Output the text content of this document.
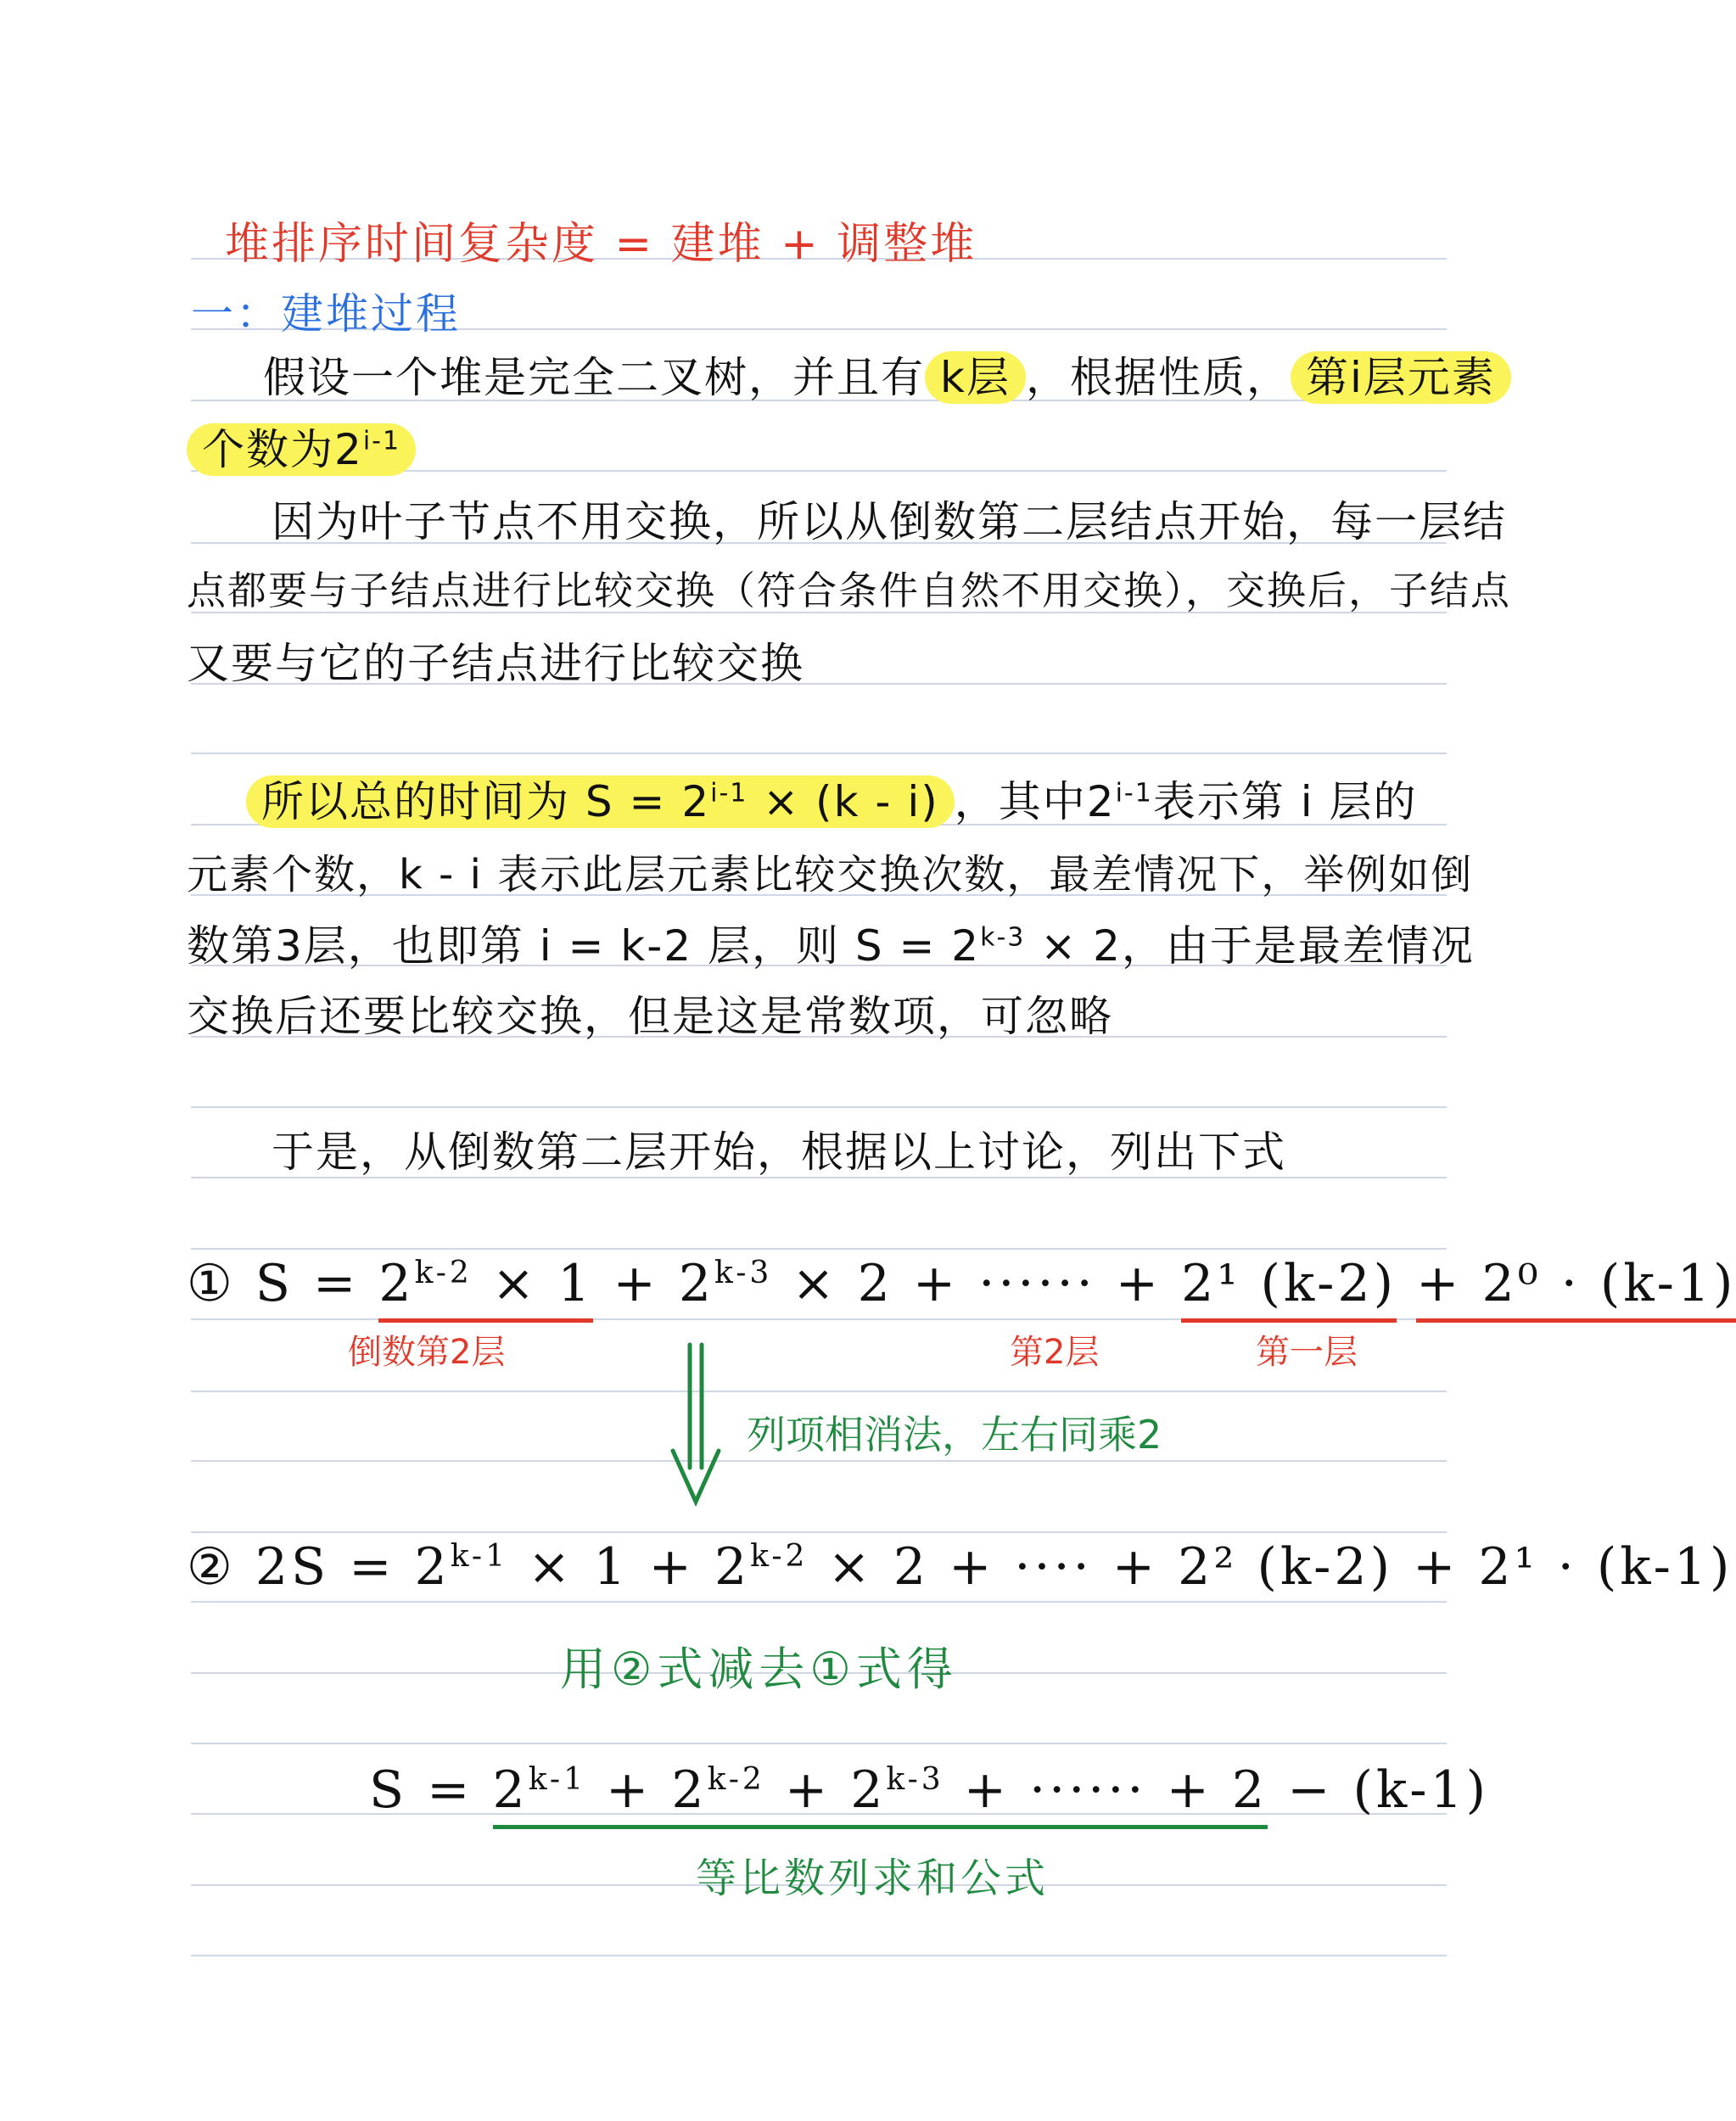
堆排序时间复杂度 = 建堆 + 调整堆
一：建堆过程
假设一个堆是完全二叉树，并且有 k层 ，根据性质， 第i层元素
个数为2$^{i-1}$
因为叶子节点不用交换，所以从倒数第二层结点开始，每一层结
点都要与子结点进行比较交换（符合条件自然不用交换），交换后，子结点
又要与它的子结点进行比较交换
所以总的时间为 $S = 2^{i-1} \times (k - i)$ ，其中2$^{i-1}$表示第 i 层的
元素个数，k - i 表示此层元素比较交换次数，最差情况下，举例如倒
数第3层，也即第 i = k-2 层，则 $S = 2^{k-3} \times 2$，由于是最差情况
交换后还要比较交换，但是这是常数项，可忽略
于是，从倒数第二层开始，根据以上讨论，列出下式
① $S = 2^{k-2} \times 1 + 2^{k-3} \times 2$ + ······ + 2¹ (k-2) + 2⁰ · (k-1)
倒数第2层	第2层	第一层
列项相消法，左右同乘2
② $2S = 2^{k-1} \times 1 + 2^{k-2} \times 2$ + ···· + 2² (k-2) + 2¹ · (k-1)
用②式减去①式得
$S = 2^{k-1} + 2^{k-2} + 2^{k-3}$ + ······ + 2 − (k-1)
等比数列求和公式
